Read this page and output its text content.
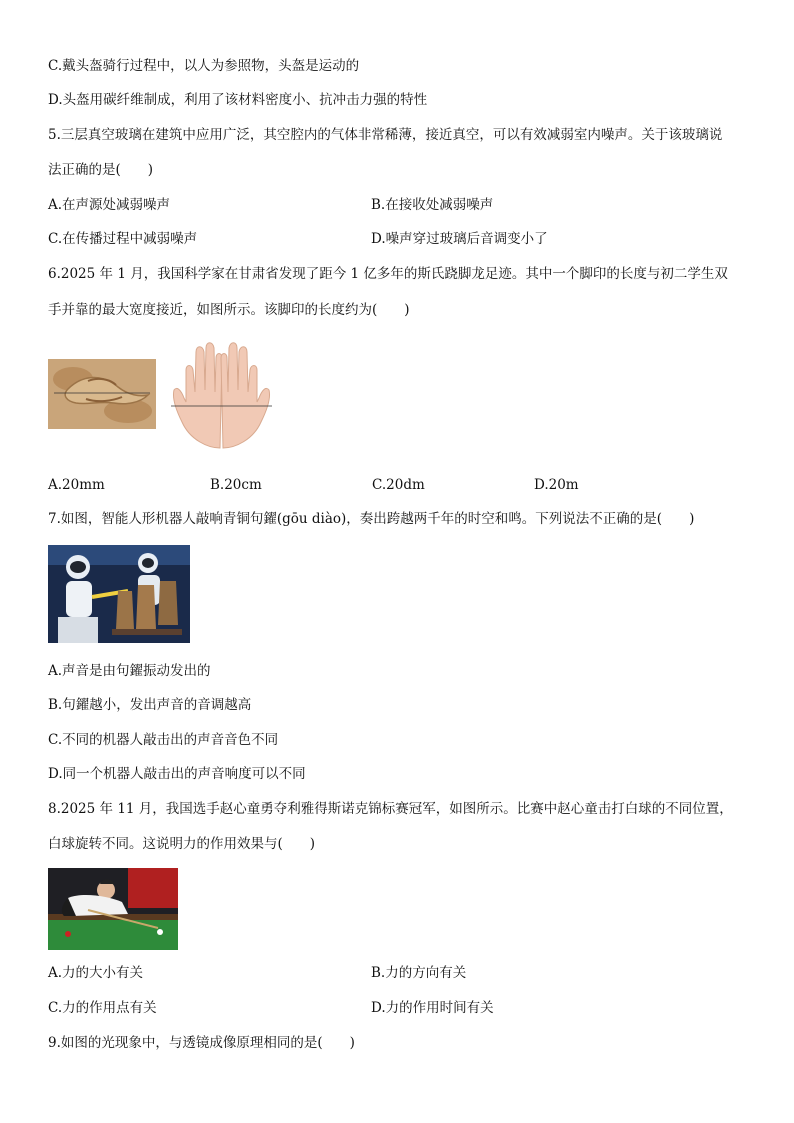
C.戴头盔骑行过程中，以人为参照物，头盔是运动的
D.头盔用碳纤维制成，利用了该材料密度小、抗冲击力强的特性
5.三层真空玻璃在建筑中应用广泛，其空腔内的气体非常稀薄，接近真空，可以有效减弱室内噪声。关于该玻璃说
法正确的是(　　)
A.在声源处减弱噪声	B.在接收处减弱噪声
C.在传播过程中减弱噪声	D.噪声穿过玻璃后音调变小了
6.2025 年 1 月，我国科学家在甘肃省发现了距今 1 亿多年的斯氏跷脚龙足迹。其中一个脚印的长度与初二学生双
手并靠的最大宽度接近，如图所示。该脚印的长度约为(　　)
A.20mm	B.20cm	C.20dm	D.20m
7.如图，智能人形机器人敲响青铜句鑃(gōu diào)，奏出跨越两千年的时空和鸣。下列说法不正确的是(　　)
A.声音是由句鑃振动发出的
B.句鑃越小，发出声音的音调越高
C.不同的机器人敲击出的声音音色不同
D.同一个机器人敲击出的声音响度可以不同
8.2025 年 11 月，我国选手赵心童勇夺利雅得斯诺克锦标赛冠军，如图所示。比赛中赵心童击打白球的不同位置，
白球旋转不同。这说明力的作用效果与(　　)
A.力的大小有关	B.力的方向有关
C.力的作用点有关	D.力的作用时间有关
9.如图的光现象中，与透镜成像原理相同的是(　　)
